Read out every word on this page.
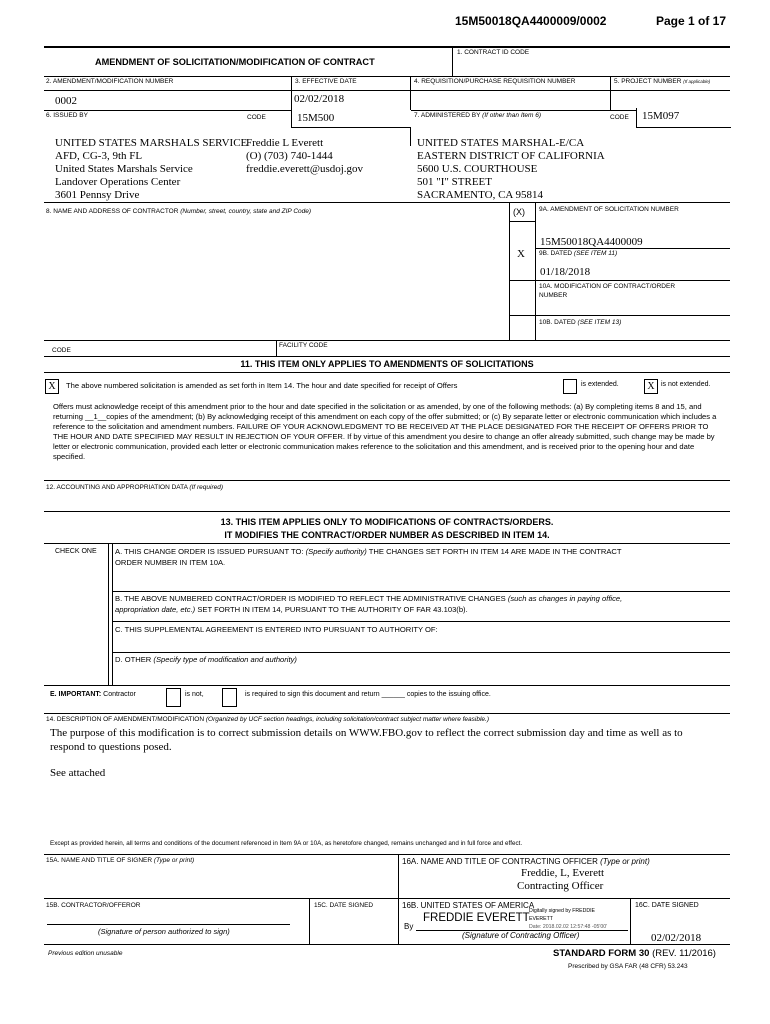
15M50018QA4400009/0002	Page 1 of 17
AMENDMENT OF SOLICITATION/MODIFICATION OF CONTRACT
1. CONTRACT ID CODE
2. AMENDMENT/MODIFICATION NUMBER	3. EFFECTIVE DATE	4. REQUISITION/PURCHASE REQUISITION NUMBER	5. PROJECT NUMBER (If applicable)
0002	02/02/2018
6. ISSUED BY	CODE	15M500	7. ADMINISTERED BY (If other than Item 6)	CODE 15M097
UNITED STATES MARSHALS SERVICE
AFD, CG-3, 9th FL
United States Marshals Service
Landover Operations Center
3601 Pennsy Drive
Freddie L Everett
(O) (703) 740-1444
freddie.everett@usdoj.gov
UNITED STATES MARSHAL-E/CA
EASTERN DISTRICT OF CALIFORNIA
5600 U.S. COURTHOUSE
501 "I" STREET
SACRAMENTO, CA 95814
8. NAME AND ADDRESS OF CONTRACTOR (Number, street, country, state and ZIP Code)	(X) 9A. AMENDMENT OF SOLICITATION NUMBER
15M50018QA4400009
X 9B. DATED (SEE ITEM 11)
01/18/2018
10A. MODIFICATION OF CONTRACT/ORDER
NUMBER
10B. DATED (SEE ITEM 13)
CODE
FACILITY CODE
11. THIS ITEM ONLY APPLIES TO AMENDMENTS OF SOLICITATIONS
X	The above numbered solicitation is amended as set forth in Item 14. The hour and date specified for receipt of Offers	is extended.	X is not extended.
Offers must acknowledge receipt of this amendment prior to the hour and date specified in the solicitation or as amended, by one of the following methods: (a) By completing items 8 and 15, and returning __1__copies of the amendment; (b) By acknowledging receipt of this amendment on each copy of the offer submitted; or (c) By separate letter or electronic communication which includes a reference to the solicitation and amendment numbers. FAILURE OF YOUR ACKNOWLEDGMENT TO BE RECEIVED AT THE PLACE DESIGNATED FOR THE RECEIPT OF OFFERS PRIOR TO THE HOUR AND DATE SPECIFIED MAY RESULT IN REJECTION OF YOUR OFFER. If by virtue of this amendment you desire to change an offer already submitted, such change may be made by letter or electronic communication, provided each letter or electronic communication makes reference to the solicitation and this amendment, and is received prior to the opening hour and date specified.
12. ACCOUNTING AND APPROPRIATION DATA (If required)
13. THIS ITEM APPLIES ONLY TO MODIFICATIONS OF CONTRACTS/ORDERS.
IT MODIFIES THE CONTRACT/ORDER NUMBER AS DESCRIBED IN ITEM 14.
CHECK ONE A. THIS CHANGE ORDER IS ISSUED PURSUANT TO: (Specify authority) THE CHANGES SET FORTH IN ITEM 14 ARE MADE IN THE CONTRACT
ORDER NUMBER IN ITEM 10A.
B. THE ABOVE NUMBERED CONTRACT/ORDER IS MODIFIED TO REFLECT THE ADMINISTRATIVE CHANGES (such as changes in paying office,
appropriation date, etc.) SET FORTH IN ITEM 14, PURSUANT TO THE AUTHORITY OF FAR 43.103(b).
C. THIS SUPPLEMENTAL AGREEMENT IS ENTERED INTO PURSUANT TO AUTHORITY OF:
D. OTHER (Specify type of modification and authority)
E. IMPORTANT: Contractor	is not,	is required to sign this document and return ______ copies to the issuing office.
14. DESCRIPTION OF AMENDMENT/MODIFICATION (Organized by UCF section headings, including solicitation/contract subject matter where feasible.)
The purpose of this modification is to correct submission details on WWW.FBO.gov to reflect the correct submission day and time as well as to
respond to questions posed.
See attached
Except as provided herein, all terms and conditions of the document referenced in Item 9A or 10A, as heretofore changed, remains unchanged and in full force and effect.
15A. NAME AND TITLE OF SIGNER (Type or print)	16A. NAME AND TITLE OF CONTRACTING OFFICER (Type or print)
Freddie, L, Everett
Contracting Officer
15B. CONTRACTOR/OFFEROR	15C. DATE SIGNED
(Signature of person authorized to sign)
16B. UNITED STATES OF AMERICA	16C. DATE SIGNED
By
FREDDIE EVERETT
Digitally signed by FREDDIE
EVERETT
Date: 2018.02.02 12:57:48 -05'00'
(Signature of Contracting Officer)	02/02/2018
Previous edition unusable	STANDARD FORM 30 (REV. 11/2016)
Prescribed by GSA FAR (48 CFR) 53.243
